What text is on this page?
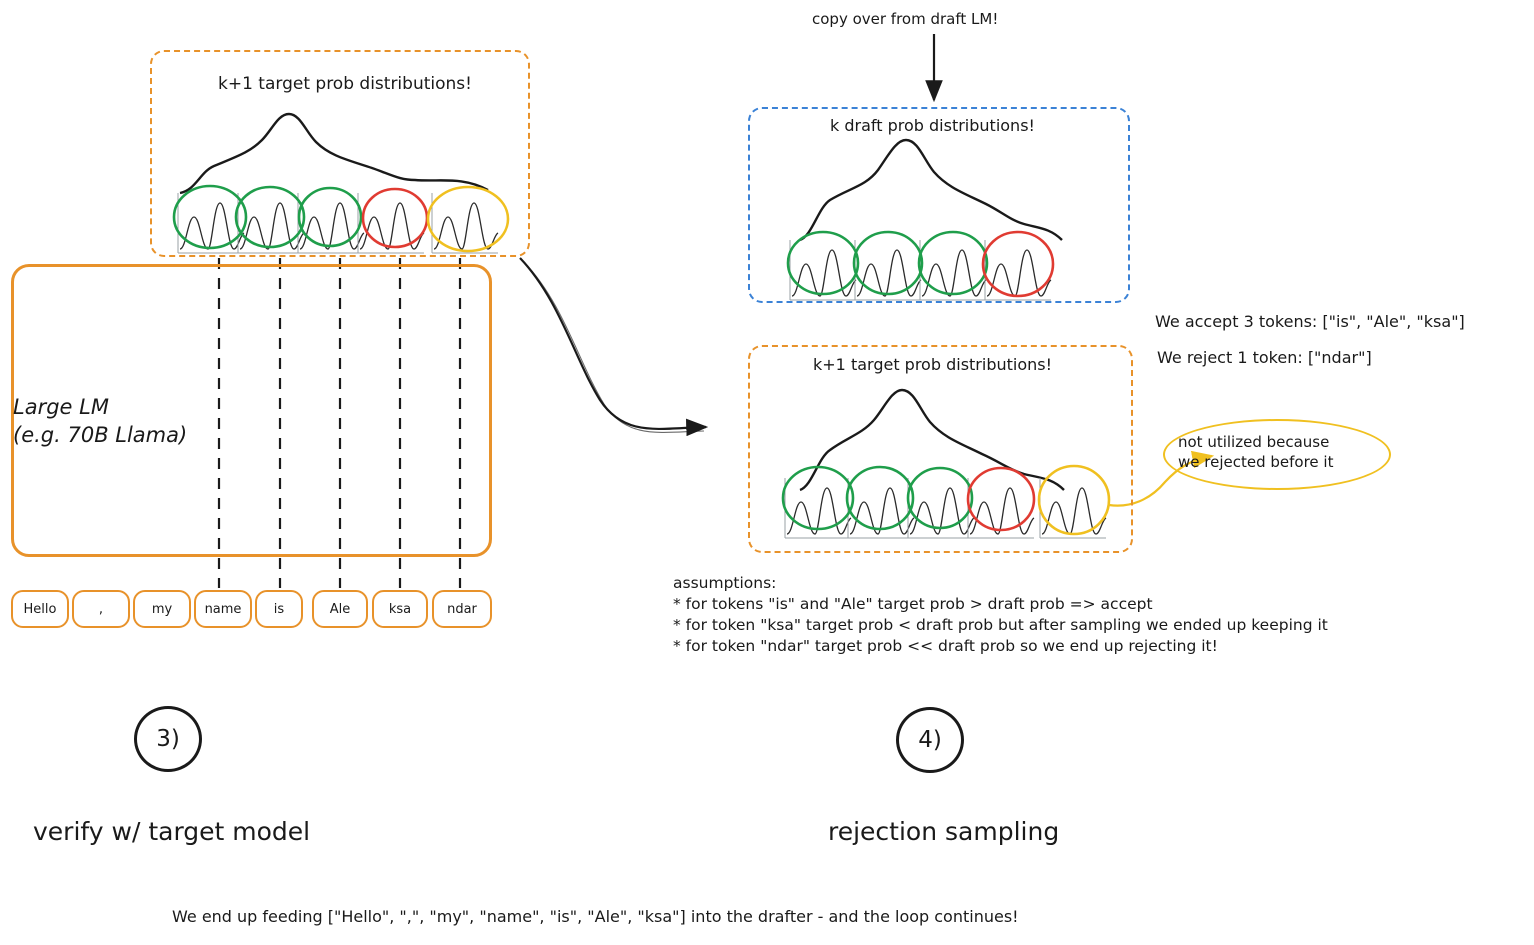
k+1 target prob distributions!
Large LM
(e.g. 70B Llama)
Hello	,	my	name	is	Ale	ksa	ndar
copy over from draft LM!
k draft prob distributions!
k+1 target prob distributions!
We accept 3 tokens: ["is", "Ale", "ksa"]
We reject 1 token: ["ndar"]
not utilized because
we rejected before it
assumptions:
* for tokens "is" and "Ale" target prob > draft prob => accept
* for token "ksa" target prob < draft prob but after sampling we ended up keeping it
* for token "ndar" target prob << draft prob so we end up rejecting it!
3)
verify w/ target model
4)
rejection sampling
We end up feeding ["Hello", ",", "my", "name", "is", "Ale", "ksa"] into the drafter - and the loop continues!
